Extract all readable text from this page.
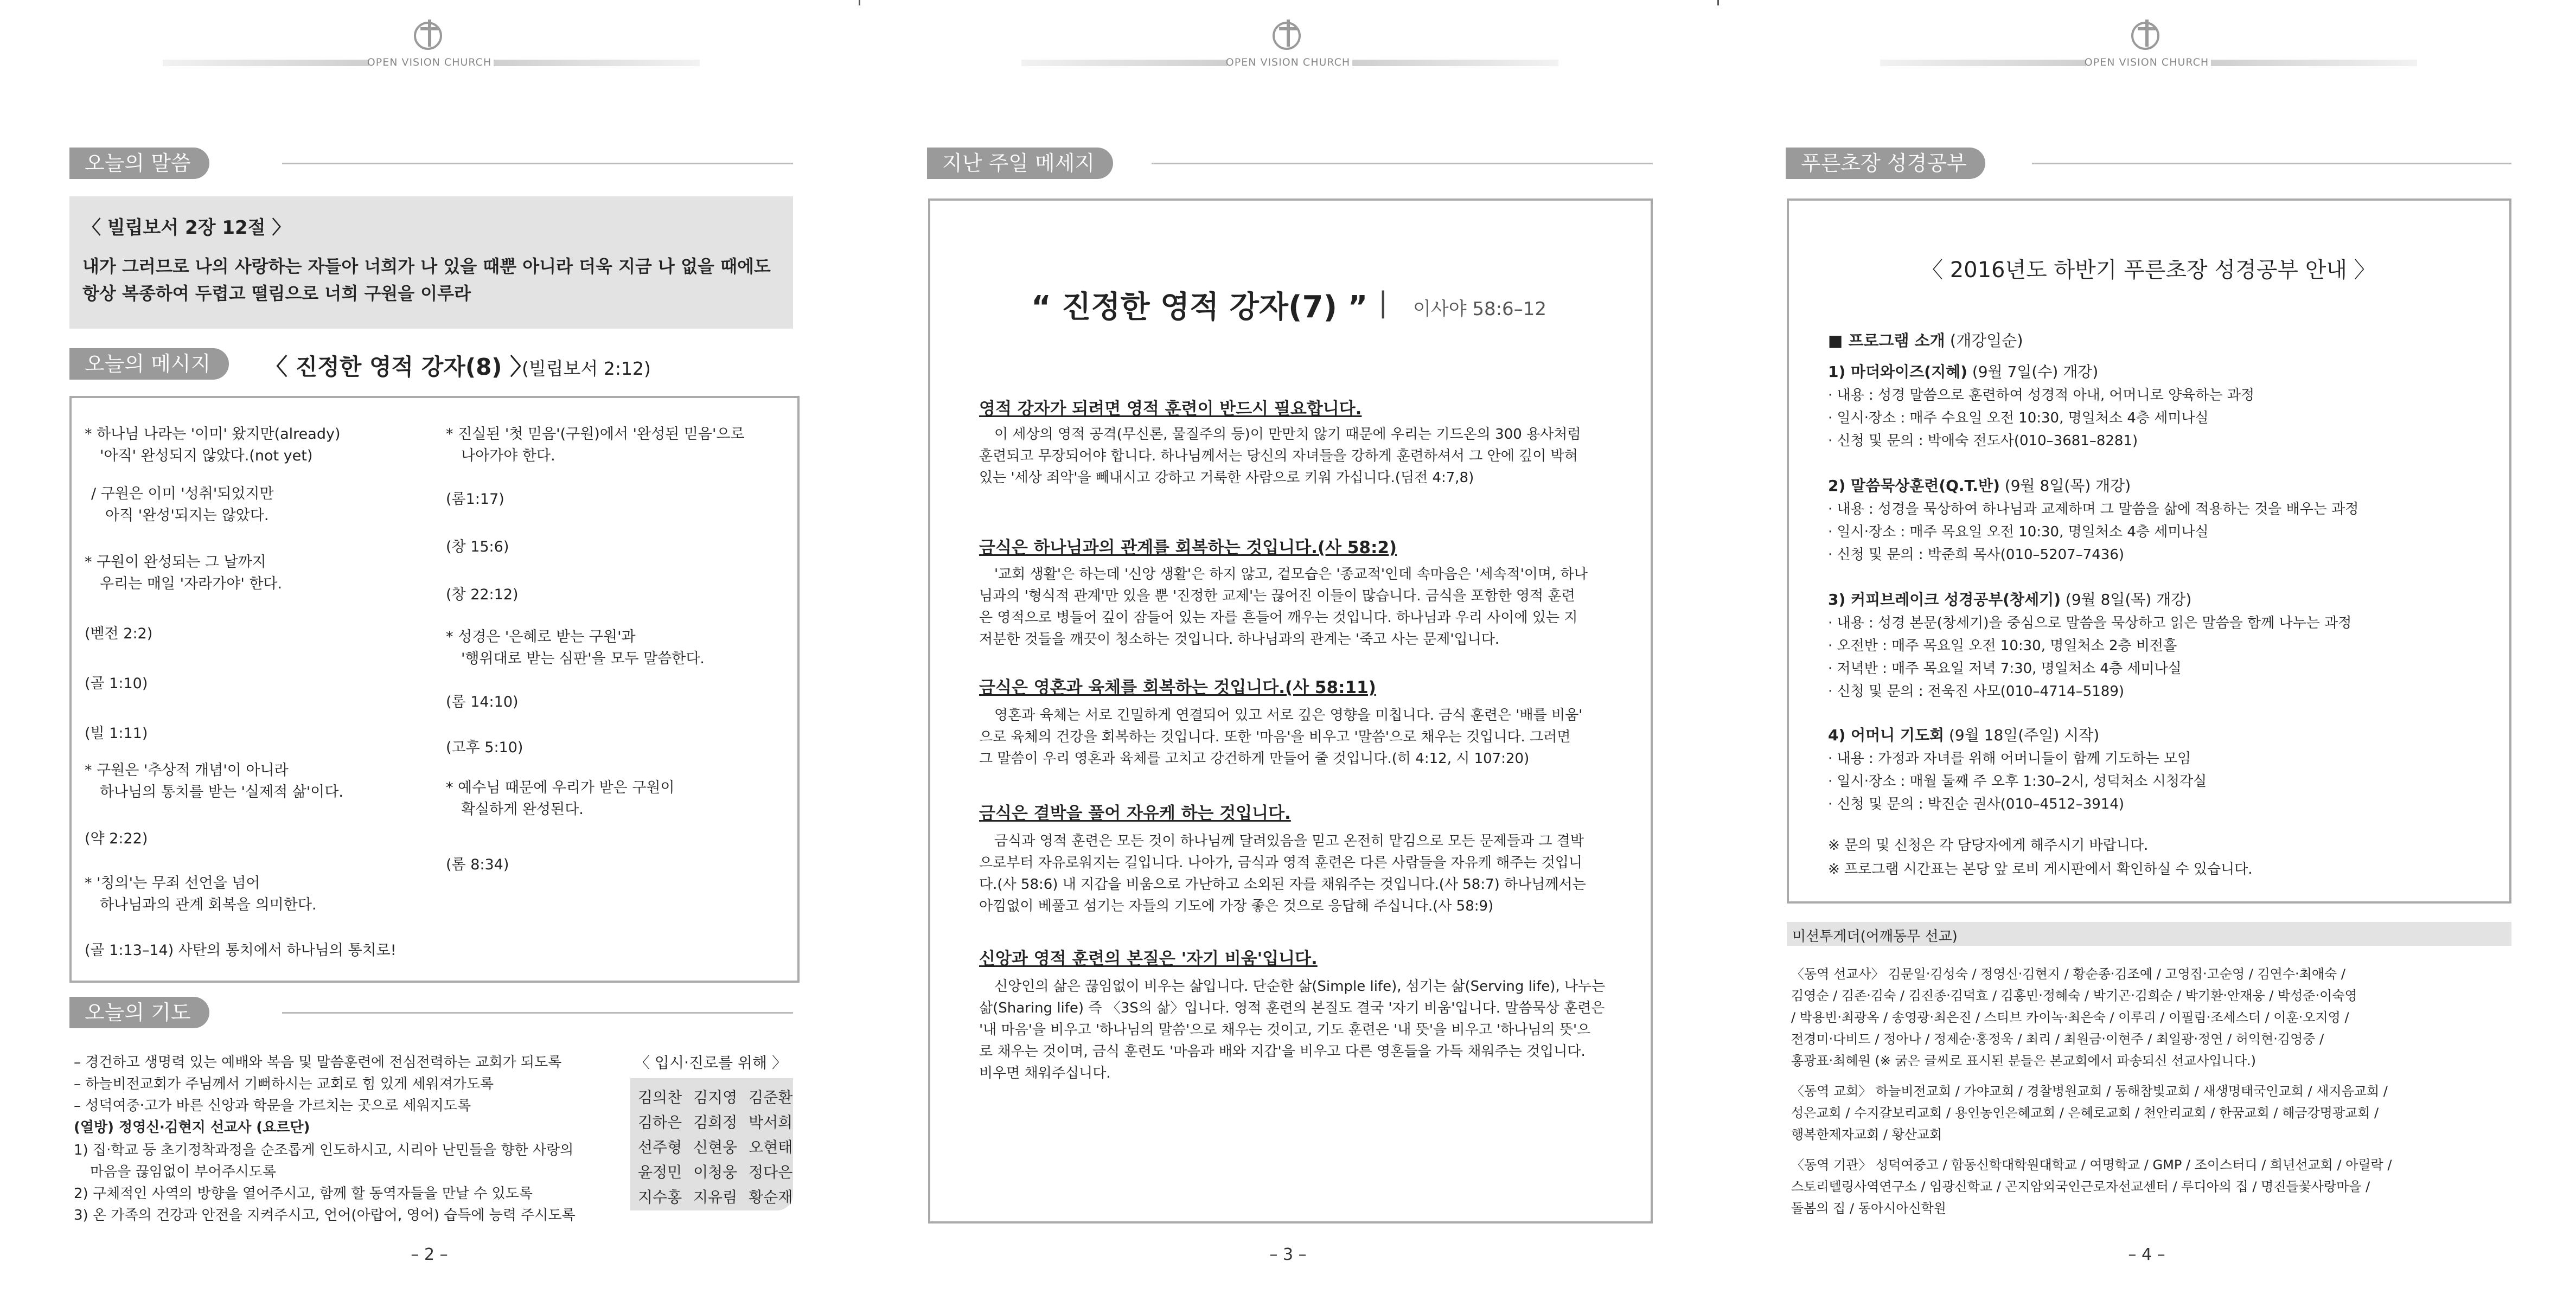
OPEN VISION CHURCH
오늘의 말씀
〈 빌립보서 2장 12절 〉
내가 그러므로 나의 사랑하는 자들아 너희가 나 있을 때뿐 아니라 더욱 지금 나 없을 때에도
항상 복종하여 두렵고 떨림으로 너희 구원을 이루라
오늘의 메시지	〈 진정한 영적 강자(8) 〉
(빌립보서 2:12)
* 하나님 나라는 '이미' 왔지만(already)
'아직' 완성되지 않았다.(not yet)
/ 구원은 이미 '성취'되었지만
아직 '완성'되지는 않았다.
* 구원이 완성되는 그 날까지
우리는 매일 '자라가야' 한다.
(벧전 2:2)
(골 1:10)
(빌 1:11)
* 구원은 '추상적 개념'이 아니라
하나님의 통치를 받는 '실제적 삶'이다.
(약 2:22)
* '칭의'는 무죄 선언을 넘어
하나님과의 관계 회복을 의미한다.
(골 1:13–14) 사탄의 통치에서 하나님의 통치로!
* 진실된 '첫 믿음'(구원)에서 '완성된 믿음'으로
나아가야 한다.
(롬1:17)
(창 15:6)
(창 22:12)
* 성경은 '은혜로 받는 구원'과
'행위대로 받는 심판'을 모두 말씀한다.
(롬 14:10)
(고후 5:10)
* 예수님 때문에 우리가 받은 구원이
확실하게 완성된다.
(롬 8:34)
오늘의 기도
– 경건하고 생명력 있는 예배와 복음 및 말씀훈련에 전심전력하는 교회가 되도록
– 하늘비전교회가 주님께서 기뻐하시는 교회로 힘 있게 세워져가도록
– 성덕여중‧고가 바른 신앙과 학문을 가르치는 곳으로 세워지도록
(열방) 정영신‧김현지 선교사 (요르단)
1) 집‧학교 등 초기정착과정을 순조롭게 인도하시고, 시리아 난민들을 향한 사랑의
마음을 끊임없이 부어주시도록
2) 구체적인 사역의 방향을 열어주시고, 함께 할 동역자들을 만날 수 있도록
3) 온 가족의 건강과 안전을 지켜주시고, 언어(아랍어, 영어) 습득에 능력 주시도록
〈 입시‧진로를 위해 〉
김의찬 김지영 김준환
김하은 김희정 박서희
선주형 신현웅 오현태
윤정민 이청웅 정다은
지수홍 지유림 황순재
– 2 –
OPEN VISION CHURCH
지난 주일 메세지
“ 진정한 영적 강자(7) ” | 이사야 58:6–12
영적 강자가 되려면 영적 훈련이 반드시 필요합니다.
이 세상의 영적 공격(무신론, 물질주의 등)이 만만치 않기 때문에 우리는 기드온의 300 용사처럼
훈련되고 무장되어야 합니다. 하나님께서는 당신의 자녀들을 강하게 훈련하셔서 그 안에 깊이 박혀
있는 '세상 죄악'을 빼내시고 강하고 거룩한 사람으로 키워 가십니다.(딤전 4:7,8)
금식은 하나님과의 관계를 회복하는 것입니다.(사 58:2)
'교회 생활'은 하는데 '신앙 생활'은 하지 않고, 겉모습은 '종교적'인데 속마음은 '세속적'이며, 하나
님과의 '형식적 관계'만 있을 뿐 '진정한 교제'는 끊어진 이들이 많습니다. 금식을 포함한 영적 훈련
은 영적으로 병들어 깊이 잠들어 있는 자를 흔들어 깨우는 것입니다. 하나님과 우리 사이에 있는 지
저분한 것들을 깨끗이 청소하는 것입니다. 하나님과의 관계는 '죽고 사는 문제'입니다.
금식은 영혼과 육체를 회복하는 것입니다.(사 58:11)
영혼과 육체는 서로 긴밀하게 연결되어 있고 서로 깊은 영향을 미칩니다. 금식 훈련은 '배를 비움'
으로 육체의 건강을 회복하는 것입니다. 또한 '마음'을 비우고 '말씀'으로 채우는 것입니다. 그러면
그 말씀이 우리 영혼과 육체를 고치고 강건하게 만들어 줄 것입니다.(히 4:12, 시 107:20)
금식은 결박을 풀어 자유케 하는 것입니다.
금식과 영적 훈련은 모든 것이 하나님께 달려있음을 믿고 온전히 맡김으로 모든 문제들과 그 결박
으로부터 자유로워지는 길입니다. 나아가, 금식과 영적 훈련은 다른 사람들을 자유케 해주는 것입니
다.(사 58:6) 내 지갑을 비움으로 가난하고 소외된 자를 채워주는 것입니다.(사 58:7) 하나님께서는
아낌없이 베풀고 섬기는 자들의 기도에 가장 좋은 것으로 응답해 주십니다.(사 58:9)
신앙과 영적 훈련의 본질은 '자기 비움'입니다.
신앙인의 삶은 끊임없이 비우는 삶입니다. 단순한 삶(Simple life), 섬기는 삶(Serving life), 나누는
삶(Sharing life) 즉 〈3S의 삶〉입니다. 영적 훈련의 본질도 결국 '자기 비움'입니다. 말씀묵상 훈련은
'내 마음'을 비우고 '하나님의 말씀'으로 채우는 것이고, 기도 훈련은 '내 뜻'을 비우고 '하나님의 뜻'으
로 채우는 것이며, 금식 훈련도 '마음과 배와 지갑'을 비우고 다른 영혼들을 가득 채워주는 것입니다.
비우면 채워주십니다.
– 3 –
OPEN VISION CHURCH
푸른초장 성경공부
〈 2016년도 하반기 푸른초장 성경공부 안내 〉
■ 프로그램 소개 (개강일순)
1) 마더와이즈(지혜) (9월 7일(수) 개강)
· 내용 : 성경 말씀으로 훈련하여 성경적 아내, 어머니로 양육하는 과정
· 일시‧장소 : 매주 수요일 오전 10:30, 명일처소 4층 세미나실
· 신청 및 문의 : 박애숙 전도사(010–3681–8281)
2) 말씀묵상훈련(Q.T.반) (9월 8일(목) 개강)
· 내용 : 성경을 묵상하여 하나님과 교제하며 그 말씀을 삶에 적용하는 것을 배우는 과정
· 일시‧장소 : 매주 목요일 오전 10:30, 명일처소 4층 세미나실
· 신청 및 문의 : 박준희 목사(010–5207–7436)
3) 커피브레이크 성경공부(창세기) (9월 8일(목) 개강)
· 내용 : 성경 본문(창세기)을 중심으로 말씀을 묵상하고 읽은 말씀을 함께 나누는 과정
· 오전반 : 매주 목요일 오전 10:30, 명일처소 2층 비전홀
· 저녁반 : 매주 목요일 저녁 7:30, 명일처소 4층 세미나실
· 신청 및 문의 : 전욱진 사모(010–4714–5189)
4) 어머니 기도회 (9월 18일(주일) 시작)
· 내용 : 가정과 자녀를 위해 어머니들이 함께 기도하는 모임
· 일시‧장소 : 매월 둘째 주 오후 1:30–2시, 성덕처소 시청각실
· 신청 및 문의 : 박진순 권사(010–4512–3914)
※ 문의 및 신청은 각 담당자에게 해주시기 바랍니다.
※ 프로그램 시간표는 본당 앞 로비 게시판에서 확인하실 수 있습니다.
미션투게더(어깨동무 선교)
〈동역 선교사〉 김문일‧김성숙 / 정영신‧김현지 / 황순종‧김조예 / 고영집‧고순영 / 김연수‧최애숙 /
김영순 / 김존‧김숙 / 김진종‧김덕효 / 김홍민‧정혜숙 / 박기곤‧김희순 / 박기환‧안재웅 / 박성준‧이숙영
/ 박용빈‧최광옥 / 송영광‧최은진 / 스티브 카이녹‧최은숙 / 이루리 / 이필림‧조세스더 / 이훈‧오지영 /
전경미‧다비드 / 정아나 / 정제순‧홍정욱 / 최리 / 최원금‧이현주 / 최일광‧정연 / 허익현‧김영중 /
홍광표‧최혜원 (※ 굵은 글씨로 표시된 분들은 본교회에서 파송되신 선교사입니다.)
〈동역 교회〉 하늘비전교회 / 가야교회 / 경찰병원교회 / 동해참빛교회 / 새생명태국인교회 / 새지음교회 /
성은교회 / 수지갈보리교회 / 용인농인은혜교회 / 은혜로교회 / 천안리교회 / 한꿈교회 / 해금강명광교회 /
행복한제자교회 / 황산교회
〈동역 기관〉 성덕여중고 / 합동신학대학원대학교 / 여명학교 / GMP / 조이스터디 / 희년선교회 / 아릴락 /
스토리텔링사역연구소 / 임광신학교 / 곤지암외국인근로자선교센터 / 루디아의 집 / 명진들꽃사랑마을 /
돌봄의 집 / 동아시아신학원
– 4 –
